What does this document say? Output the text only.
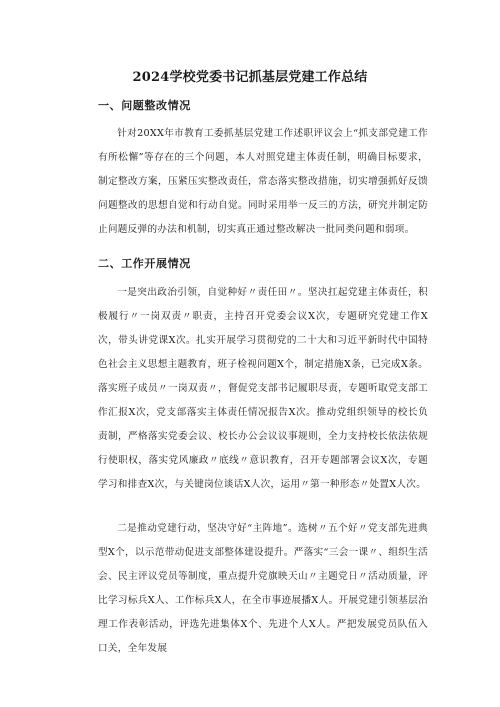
2024学校党委书记抓基层党建工作总结
一、问题整改情况

针对20XX年市教育工委抓基层党建工作述职评议会上“抓支部党建工作有所松懈”等存在的三个问题，本人对照党建主体责任制，明确目标要求，制定整改方案，压紧压实整改责任，常态落实整改措施，切实增强抓好反馈问题整改的思想自觉和行动自觉。同时采用举一反三的方法，研究并制定防止问题反弹的办法和机制，切实真正通过整改解决一批同类问题和弱项。

二、工作开展情况

一是突出政治引领，自觉种好〃责任田〃。坚决扛起党建主体责任，积极履行〃一岗双责〃职责，主持召开党委会议X次，专题研究党建工作X次，带头讲党课X次。扎实开展学习贯彻党的二十大和习近平新时代中国特色社会主义思想主题教育，班子检视问题X个，制定措施X条，已完成X条。落实班子成员〃一岗双责〃，督促党支部书记履职尽责，专题听取党支部工作汇报X次，党支部落实主体责任情况报告X次。推动党组织领导的校长负责制，严格落实党委会议、校长办公会议议事规则，全力支持校长依法依规行使职权，落实党风廉政〃底线〃意识教育，召开专题部署会议X次，专题学习和排查X次，与关键岗位谈话X人次，运用〃第一种形态〃处置X人次。

二是推动党建行动，坚决守好“主阵地”。选树〃五个好〃党支部先进典型X个，以示范带动促进支部整体建设提升。严落实“三会一课〃、组织生活会、民主评议党员等制度，重点提升党旗映天山〃主题党日〃活动质量，评比学习标兵X人、工作标兵X人，在全市事迹展播X人。开展党建引领基层治理工作表彰活动，评选先进集体X个、先进个人X人。严把发展党员队伍入口关，全年发展
